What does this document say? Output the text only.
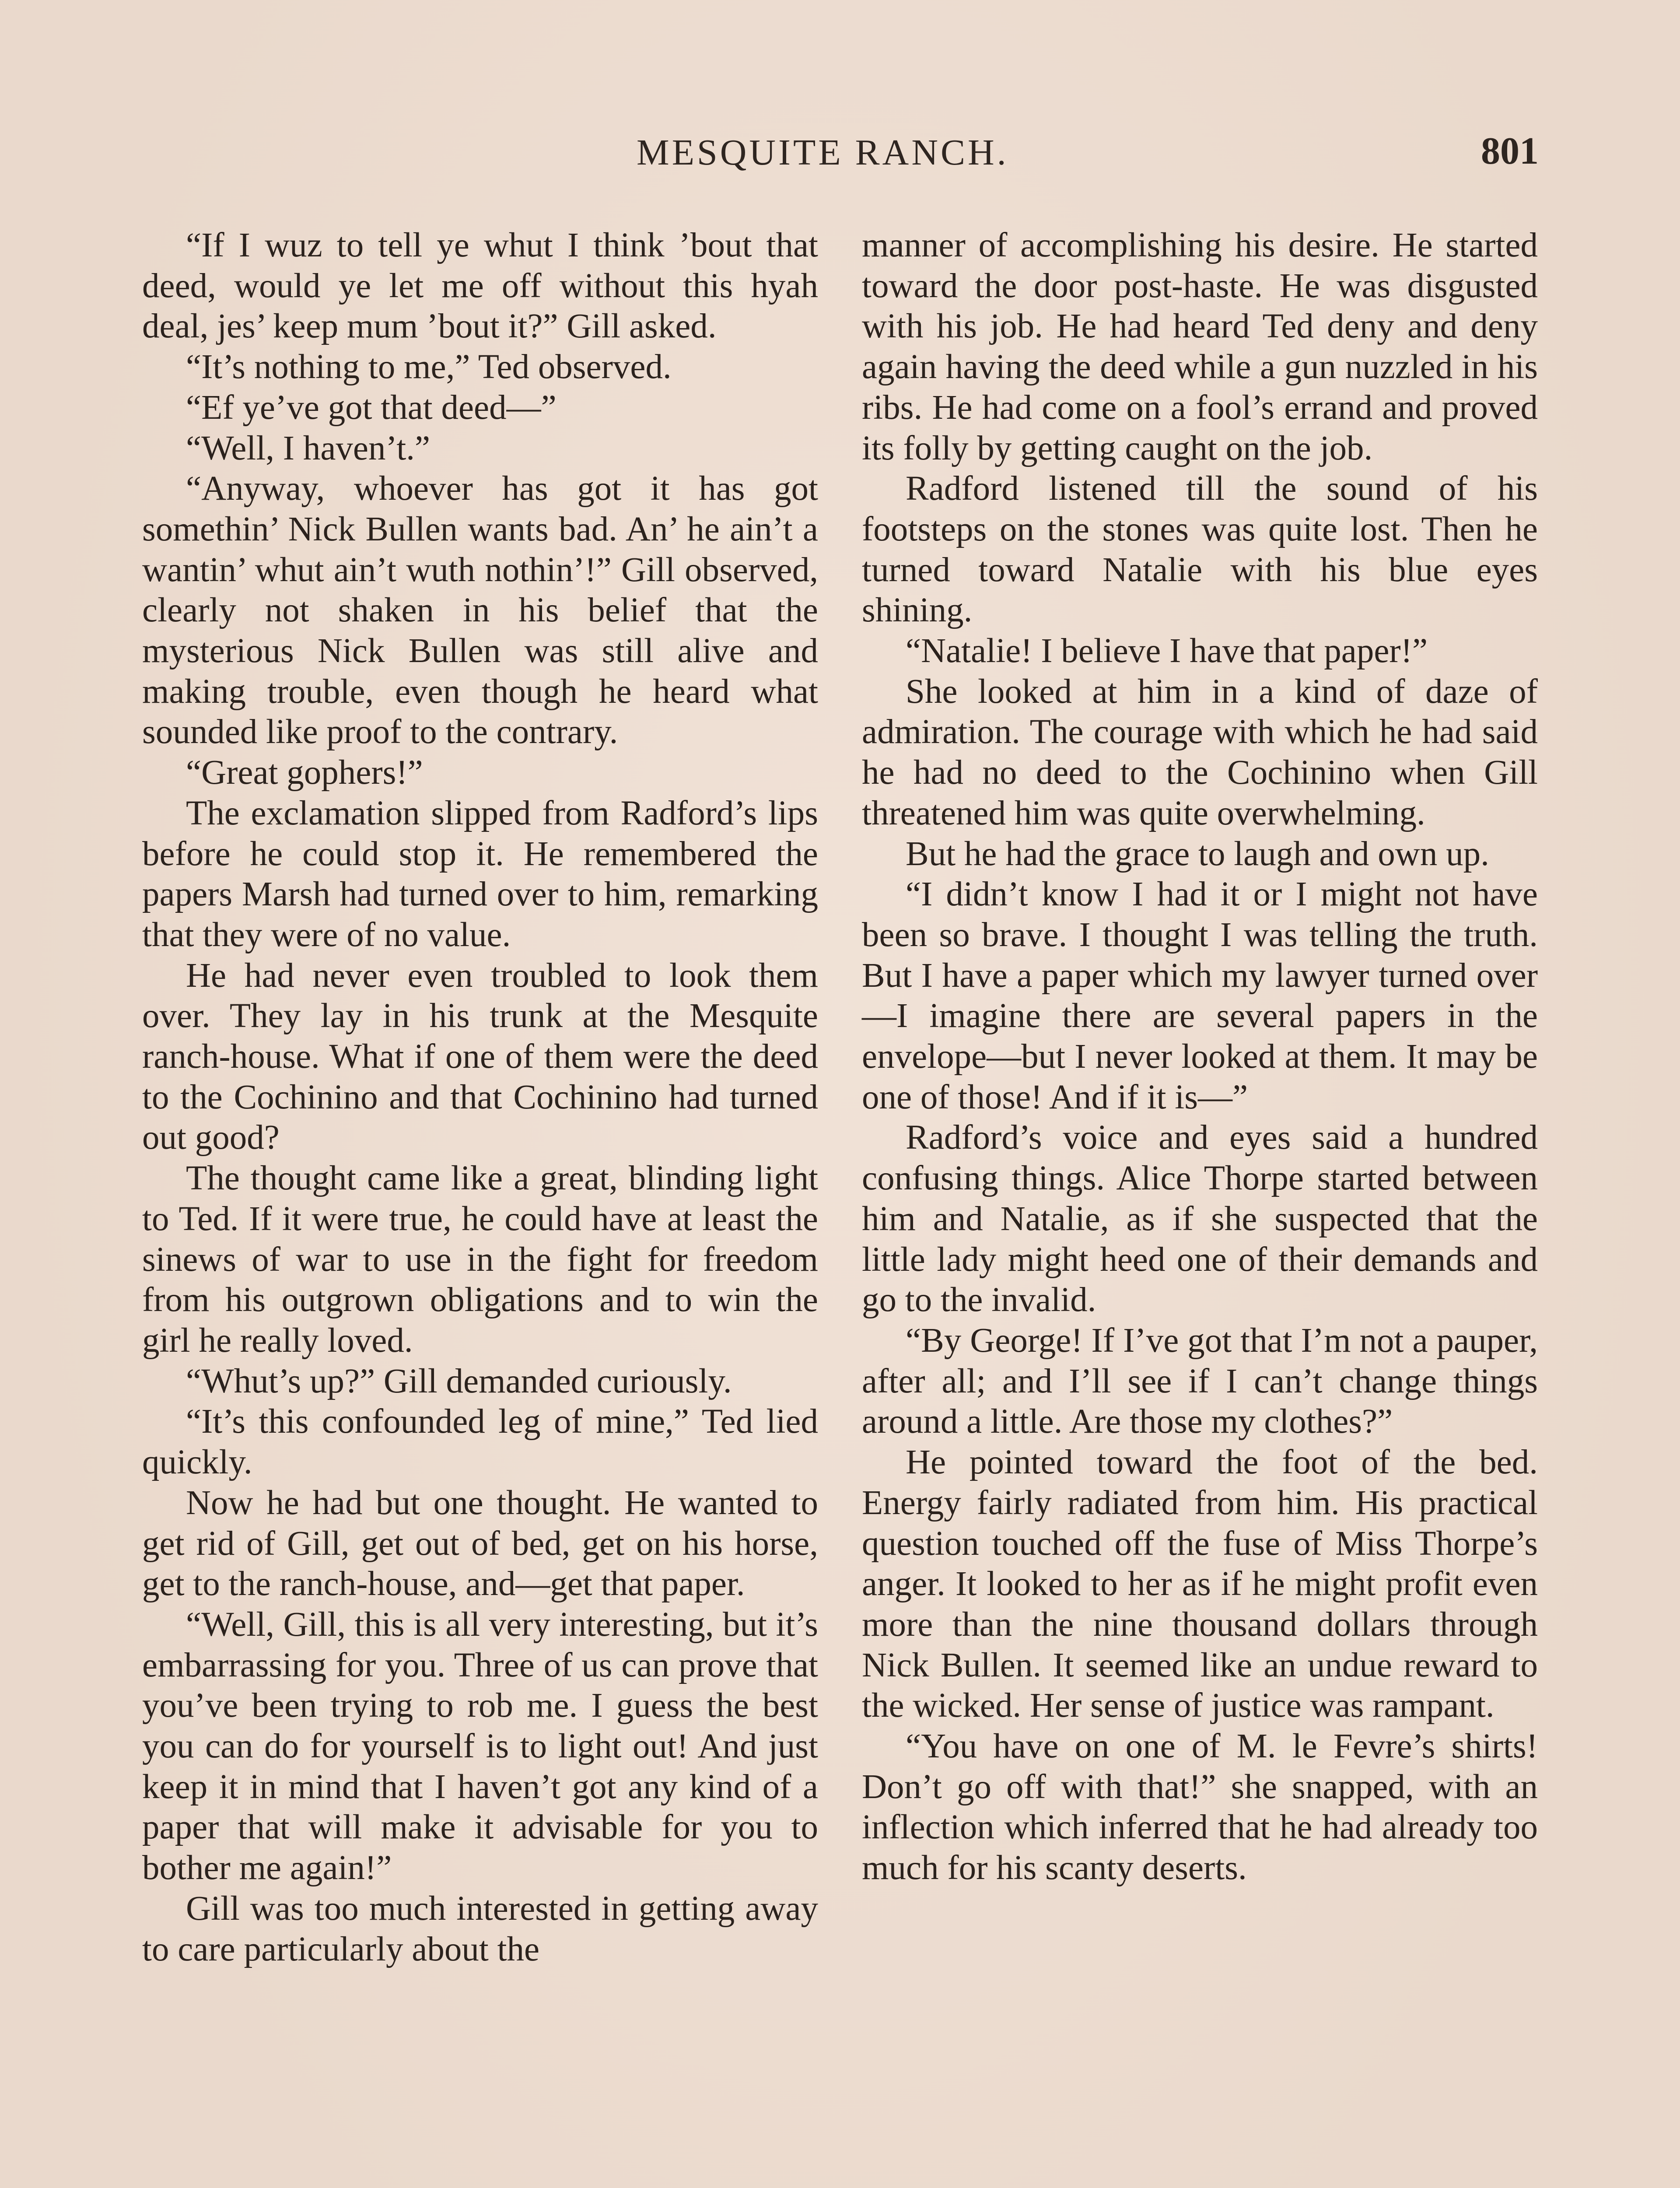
MESQUITE RANCH.	801

“If I wuz to tell ye whut I think ’bout that deed, would ye let me off without this hyah deal, jes’ keep mum ’bout it?” Gill asked.

“It’s nothing to me,” Ted observed.

“Ef ye’ve got that deed—”

“Well, I haven’t.”

“Anyway, whoever has got it has got somethin’ Nick Bullen wants bad. An’ he ain’t a wantin’ whut ain’t wuth nothin’!” Gill observed, clearly not shaken in his belief that the mysterious Nick Bullen was still alive and making trouble, even though he heard what sounded like proof to the contrary.

“Great gophers!”

The exclamation slipped from Radford’s lips before he could stop it. He remembered the papers Marsh had turned over to him, remarking that they were of no value.

He had never even troubled to look them over. They lay in his trunk at the Mesquite ranch-house. What if one of them were the deed to the Cochinino and that Cochinino had turned out good?

The thought came like a great, blinding light to Ted. If it were true, he could have at least the sinews of war to use in the fight for freedom from his outgrown obligations and to win the girl he really loved.

“Whut’s up?” Gill demanded curiously.

“It’s this confounded leg of mine,” Ted lied quickly.

Now he had but one thought. He wanted to get rid of Gill, get out of bed, get on his horse, get to the ranch-house, and—get that paper.

“Well, Gill, this is all very interesting, but it’s embarrassing for you. Three of us can prove that you’ve been trying to rob me. I guess the best you can do for yourself is to light out! And just keep it in mind that I haven’t got any kind of a paper that will make it advisable for you to bother me again!”

Gill was too much interested in getting away to care particularly about the

manner of accomplishing his desire. He started toward the door post-haste. He was disgusted with his job. He had heard Ted deny and deny again having the deed while a gun nuzzled in his ribs. He had come on a fool’s errand and proved its folly by getting caught on the job.

Radford listened till the sound of his footsteps on the stones was quite lost. Then he turned toward Natalie with his blue eyes shining.

“Natalie! I believe I have that paper!”

She looked at him in a kind of daze of admiration. The courage with which he had said he had no deed to the Cochinino when Gill threatened him was quite overwhelming.

But he had the grace to laugh and own up.

“I didn’t know I had it or I might not have been so brave. I thought I was telling the truth. But I have a paper which my lawyer turned over—I imagine there are several papers in the envelope—but I never looked at them. It may be one of those! And if it is—”

Radford’s voice and eyes said a hundred confusing things. Alice Thorpe started between him and Natalie, as if she suspected that the little lady might heed one of their demands and go to the invalid.

“By George! If I’ve got that I’m not a pauper, after all; and I’ll see if I can’t change things around a little. Are those my clothes?”

He pointed toward the foot of the bed. Energy fairly radiated from him. His practical question touched off the fuse of Miss Thorpe’s anger. It looked to her as if he might profit even more than the nine thousand dollars through Nick Bullen. It seemed like an undue reward to the wicked. Her sense of justice was rampant.

“You have on one of M. le Fevre’s shirts! Don’t go off with that!” she snapped, with an inflection which inferred that he had already too much for his scanty deserts.
